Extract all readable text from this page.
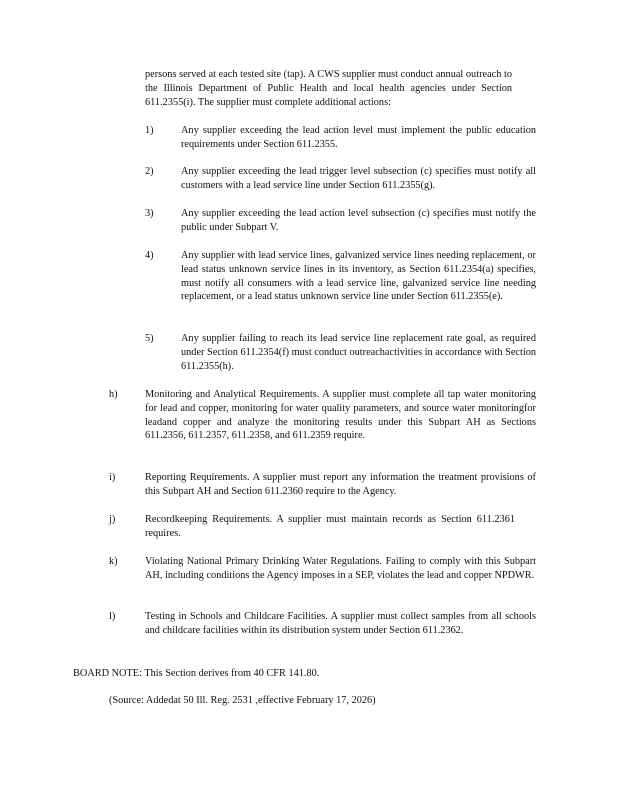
persons served at each tested site (tap). A CWS supplier must conduct annual outreach to the Illinois Department of Public Health and local health agencies under Section 611.2355(i). The supplier must complete additional actions:
1)	Any supplier exceeding the lead action level must implement the public education requirements under Section 611.2355.
2)	Any supplier exceeding the lead trigger level subsection (c) specifies must notify all customers with a lead service line under Section 611.2355(g).
3)	Any supplier exceeding the lead action level subsection (c) specifies must notify the public under Subpart V.
4)	Any supplier with lead service lines, galvanized service lines needing replacement, or lead status unknown service lines in its inventory, as Section 611.2354(a) specifies, must notify all consumers with a lead service line, galvanized service line needing replacement, or a lead status unknown service line under Section 611.2355(e).
5)	Any supplier failing to reach its lead service line replacement rate goal, as required under Section 611.2354(f) must conduct outreachactivities in accordance with Section 611.2355(h).
h)	Monitoring and Analytical Requirements. A supplier must complete all tap water monitoring for lead and copper, monitoring for water quality parameters, and source water monitoringfor leadand copper and analyze the monitoring results under this Subpart AH as Sections 611.2356, 611.2357, 611.2358, and 611.2359 require.
i)	Reporting Requirements. A supplier must report any information the treatment provisions of this Subpart AH and Section 611.2360 require to the Agency.
j)	Recordkeeping Requirements. A supplier must maintain records as Section 611.2361 requires.
k)	Violating National Primary Drinking Water Regulations. Failing to comply with this Subpart AH, including conditions the Agency imposes in a SEP, violates the lead and copper NPDWR.
l)	Testing in Schools and Childcare Facilities. A supplier must collect samples from all schools and childcare facilities within its distribution system under Section 611.2362.
BOARD NOTE: This Section derives from 40 CFR 141.80.
(Source: Addedat 50 Ill. Reg. 2531 ,effective February 17, 2026)
